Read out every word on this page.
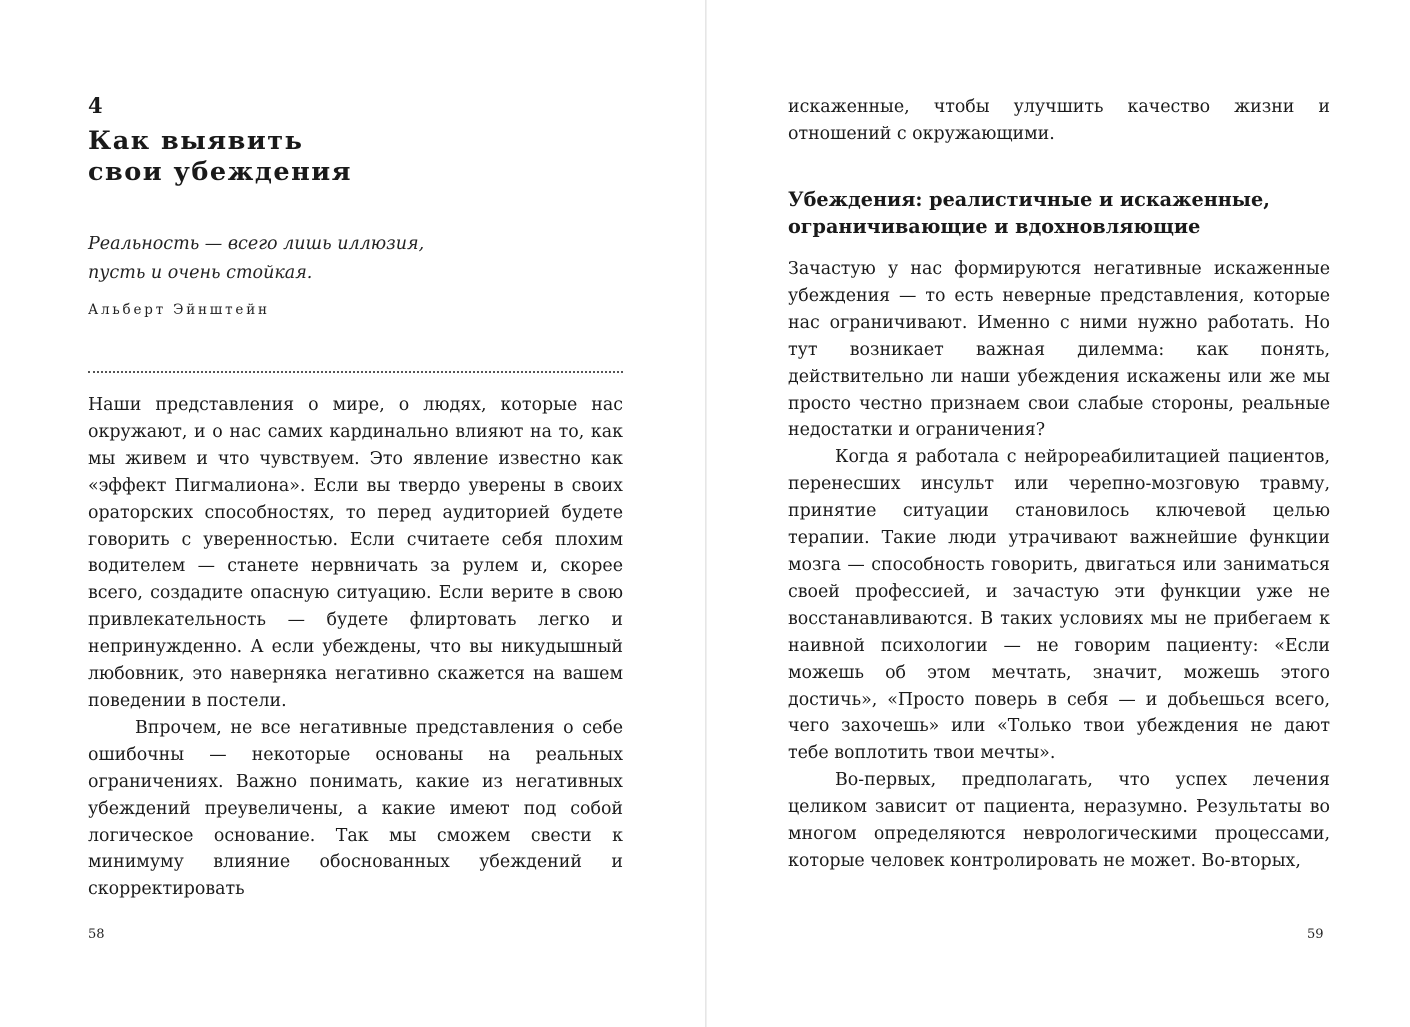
4
Как выявить
свои убеждения
Реальность — всего лишь иллюзия,
пусть и очень стойкая.
Альберт Эйнштейн

Наши представления о мире, о людях, которые нас окружают, и о нас самих кардинально влияют на то, как мы живем и что чувствуем. Это явление известно как «эффект Пигмалиона». Если вы твердо уверены в своих ораторских способностях, то перед аудиторией будете говорить с уверенностью. Если считаете себя плохим водителем — станете нервничать за рулем и, скорее всего, создадите опасную ситуацию. Если верите в свою привлекательность — будете флиртовать легко и непринужденно. А если убеждены, что вы никудышный любовник, это наверняка негативно скажется на вашем поведении в постели.

Впрочем, не все негативные представления о себе ошибочны — некоторые основаны на реальных ограничениях. Важно понимать, какие из негативных убеждений преувеличены, а какие имеют под собой логическое основание. Так мы сможем свести к минимуму влияние обоснованных убеждений и скорректировать

58

искаженные, чтобы улучшить качество жизни и отношений с окружающими.

Убеждения: реалистичные и искаженные,
ограничивающие и вдохновляющие

Зачастую у нас формируются негативные искаженные убеждения — то есть неверные представления, которые нас ограничивают. Именно с ними нужно работать. Но тут возникает важная дилемма: как понять, действительно ли наши убеждения искажены или же мы просто честно признаем свои слабые стороны, реальные недостатки и ограничения?

Когда я работала с нейрореабилитацией пациентов, перенесших инсульт или черепно-мозговую травму, принятие ситуации становилось ключевой целью терапии. Такие люди утрачивают важнейшие функции мозга — способность говорить, двигаться или заниматься своей профессией, и зачастую эти функции уже не восстанавливаются. В таких условиях мы не прибегаем к наивной психологии — не говорим пациенту: «Если можешь об этом мечтать, значит, можешь этого достичь», «Просто поверь в себя — и добьешься всего, чего захочешь» или «Только твои убеждения не дают тебе воплотить твои мечты».

Во-первых, предполагать, что успех лечения целиком зависит от пациента, неразумно. Результаты во многом определяются неврологическими процессами, которые человек контролировать не может. Во-вторых,

59
